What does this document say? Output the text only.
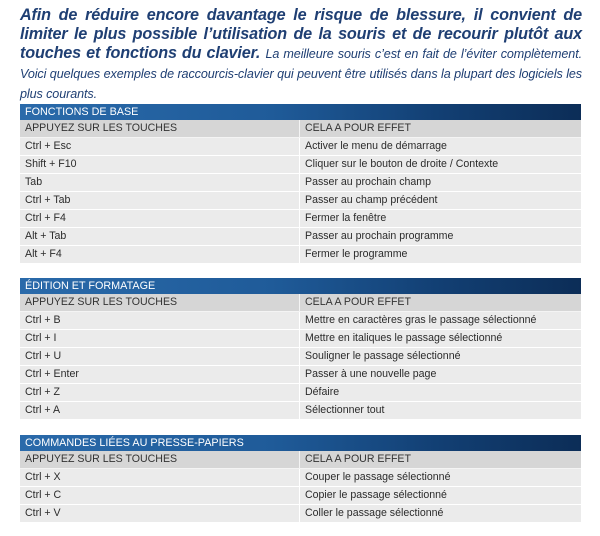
Afin de réduire encore davantage le risque de blessure, il convient de limiter le plus possible l’utilisation de la souris et de recourir plutôt aux touches et fonctions du clavier. La meilleure souris c’est en fait de l’éviter complètement. Voici quelques exemples de raccourcis-clavier qui peuvent être utilisés dans la plupart des logiciels les plus courants.
FONCTIONS DE BASE
APPUYEZ SUR LES TOUCHES	CELA A POUR EFFET
Ctrl + Esc	Activer le menu de démarrage
Shift + F10	Cliquer sur le bouton de droite / Contexte
Tab	Passer au prochain champ
Ctrl + Tab	Passer au champ précédent
Ctrl + F4	Fermer la fenêtre
Alt + Tab	Passer au prochain programme
Alt + F4	Fermer le programme
ÉDITION ET FORMATAGE
APPUYEZ SUR LES TOUCHES	CELA A POUR EFFET
Ctrl + B	Mettre en caractères gras le passage sélectionné
Ctrl + I	Mettre en italiques le passage sélectionné
Ctrl + U	Souligner le passage sélectionné
Ctrl + Enter	Passer à une nouvelle page
Ctrl + Z	Défaire
Ctrl + A	Sélectionner tout
COMMANDES LIÉES AU PRESSE-PAPIERS
APPUYEZ SUR LES TOUCHES	CELA A POUR EFFET
Ctrl + X	Couper le passage sélectionné
Ctrl + C	Copier le passage sélectionné
Ctrl + V	Coller le passage sélectionné
